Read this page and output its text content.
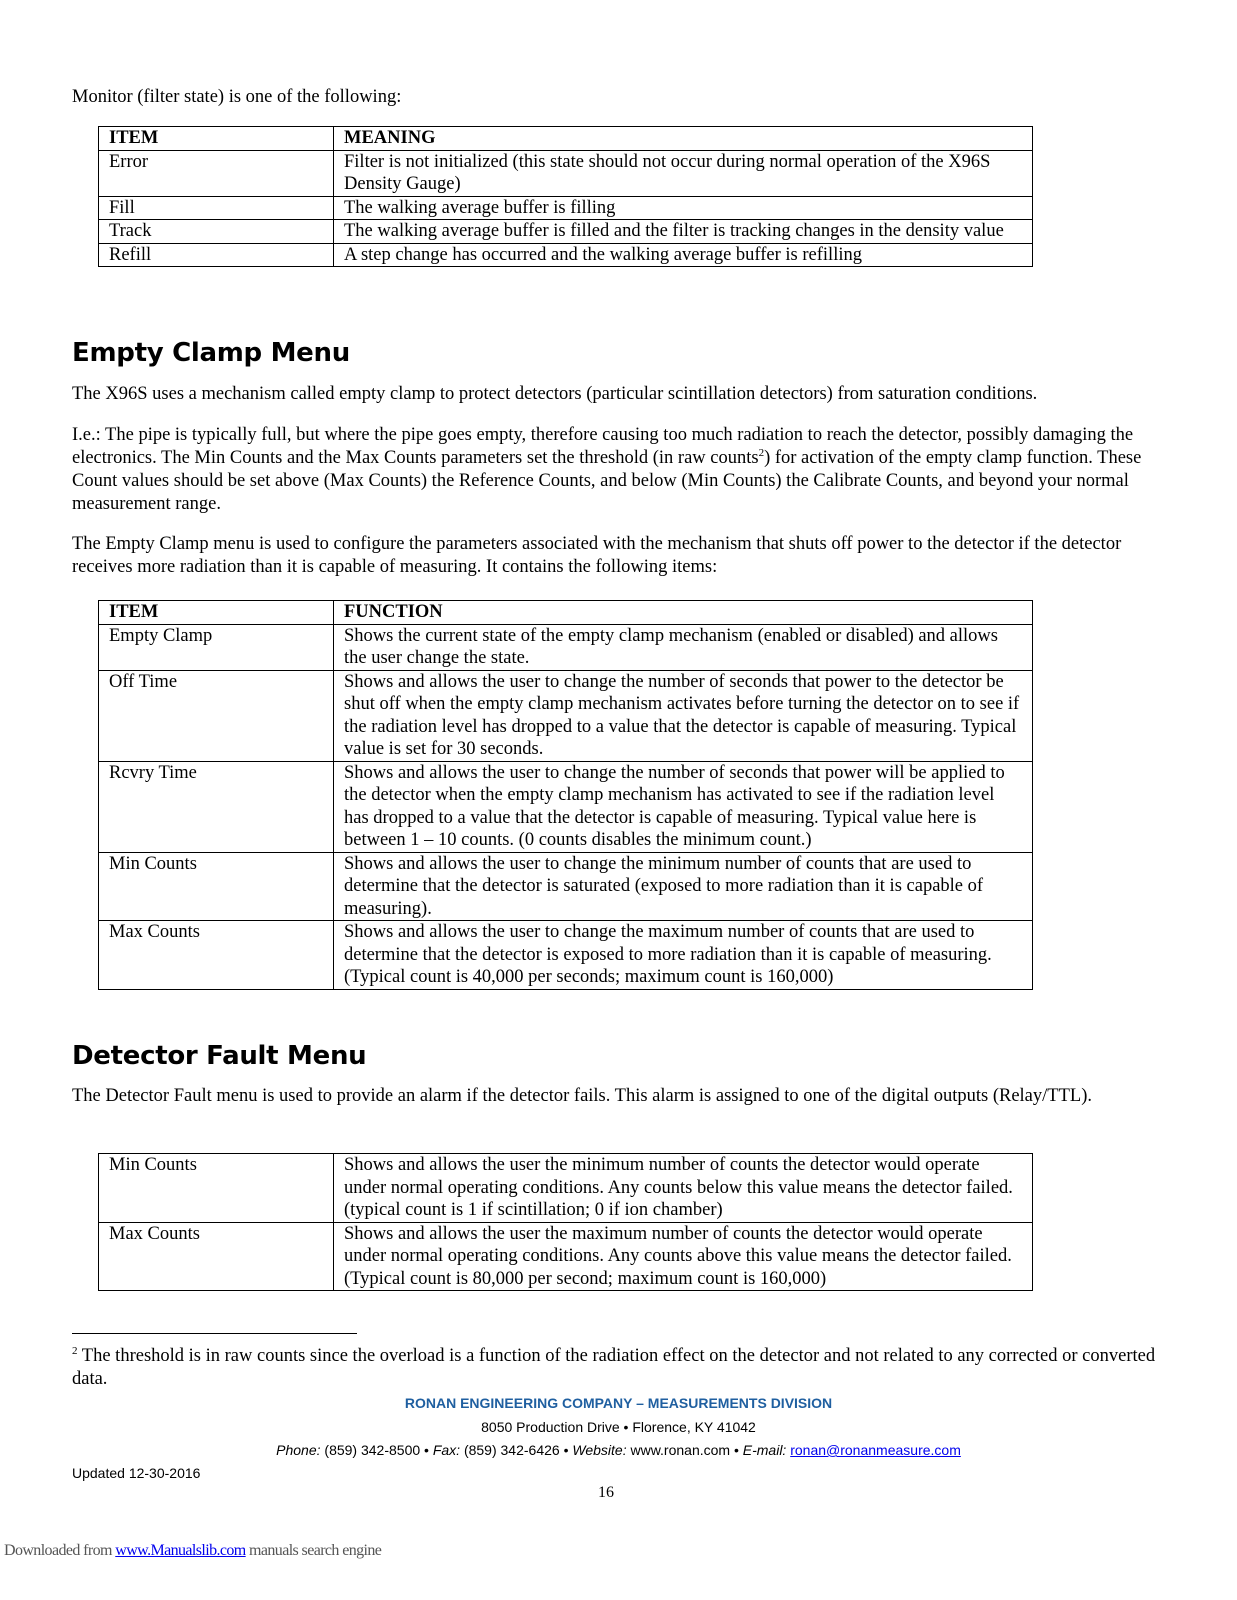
Monitor (filter state) is one of the following:

ITEM	MEANING
Error	Filter is not initialized (this state should not occur during normal operation of the X96S Density Gauge)
Fill	The walking average buffer is filling
Track	The walking average buffer is filled and the filter is tracking changes in the density value
Refill	A step change has occurred and the walking average buffer is refilling
Empty Clamp Menu

The X96S uses a mechanism called empty clamp to protect detectors (particular scintillation detectors) from saturation conditions.

I.e.: The pipe is typically full, but where the pipe goes empty, therefore causing too much radiation to reach the detector, possibly damaging the electronics. The Min Counts and the Max Counts parameters set the threshold (in raw counts$^2$) for activation of the empty clamp function. These Count values should be set above (Max Counts) the Reference Counts, and below (Min Counts) the Calibrate Counts, and beyond your normal measurement range.

The Empty Clamp menu is used to configure the parameters associated with the mechanism that shuts off power to the detector if the detector receives more radiation than it is capable of measuring. It contains the following items:

ITEM	FUNCTION
Empty Clamp	Shows the current state of the empty clamp mechanism (enabled or disabled) and allows the user change the state.
Off Time	Shows and allows the user to change the number of seconds that power to the detector be shut off when the empty clamp mechanism activates before turning the detector on to see if the radiation level has dropped to a value that the detector is capable of measuring. Typical value is set for 30 seconds.
Rcvry Time	Shows and allows the user to change the number of seconds that power will be applied to the detector when the empty clamp mechanism has activated to see if the radiation level has dropped to a value that the detector is capable of measuring. Typical value here is between 1 – 10 counts. (0 counts disables the minimum count.)
Min Counts	Shows and allows the user to change the minimum number of counts that are used to determine that the detector is saturated (exposed to more radiation than it is capable of measuring).
Max Counts	Shows and allows the user to change the maximum number of counts that are used to determine that the detector is exposed to more radiation than it is capable of measuring. (Typical count is 40,000 per seconds; maximum count is 160,000)
Detector Fault Menu

The Detector Fault menu is used to provide an alarm if the detector fails. This alarm is assigned to one of the digital outputs (Relay/TTL).

Min Counts	Shows and allows the user the minimum number of counts the detector would operate under normal operating conditions. Any counts below this value means the detector failed. (typical count is 1 if scintillation; 0 if ion chamber)
Max Counts	Shows and allows the user the maximum number of counts the detector would operate under normal operating conditions. Any counts above this value means the detector failed. (Typical count is 80,000 per second; maximum count is 160,000)

$^2$ The threshold is in raw counts since the overload is a function of the radiation effect on the detector and not related to any corrected or converted data.

RONAN ENGINEERING COMPANY – MEASUREMENTS DIVISION
8050 Production Drive • Florence, KY 41042
Phone: (859) 342-8500 • Fax: (859) 342-6426 • Website: www.ronan.com • E-mail: ronan@ronanmeasure.com
Updated 12-30-2016
16
Downloaded from www.Manualslib.com manuals search engine
